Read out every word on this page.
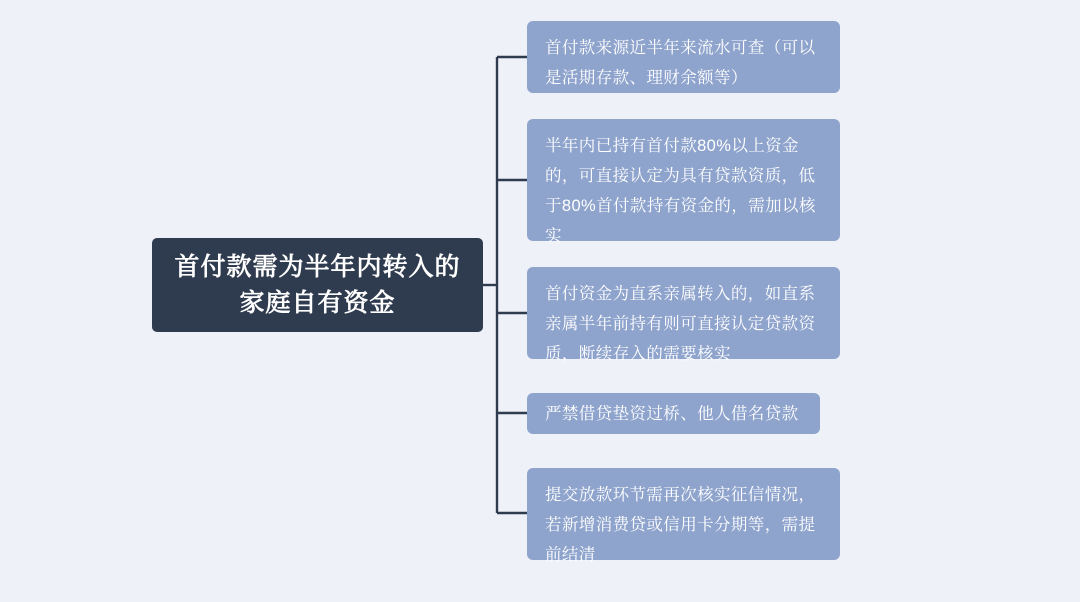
首付款需为半年内转入的家庭自有资金
首付款来源近半年来流水可查（可以是活期存款、理财余额等）
半年内已持有首付款80%以上资金的，可直接认定为具有贷款资质，低于80%首付款持有资金的，需加以核实
首付资金为直系亲属转入的，如直系亲属半年前持有则可直接认定贷款资质，断续存入的需要核实
严禁借贷垫资过桥、他人借名贷款
提交放款环节需再次核实征信情况，若新增消费贷或信用卡分期等，需提前结清
